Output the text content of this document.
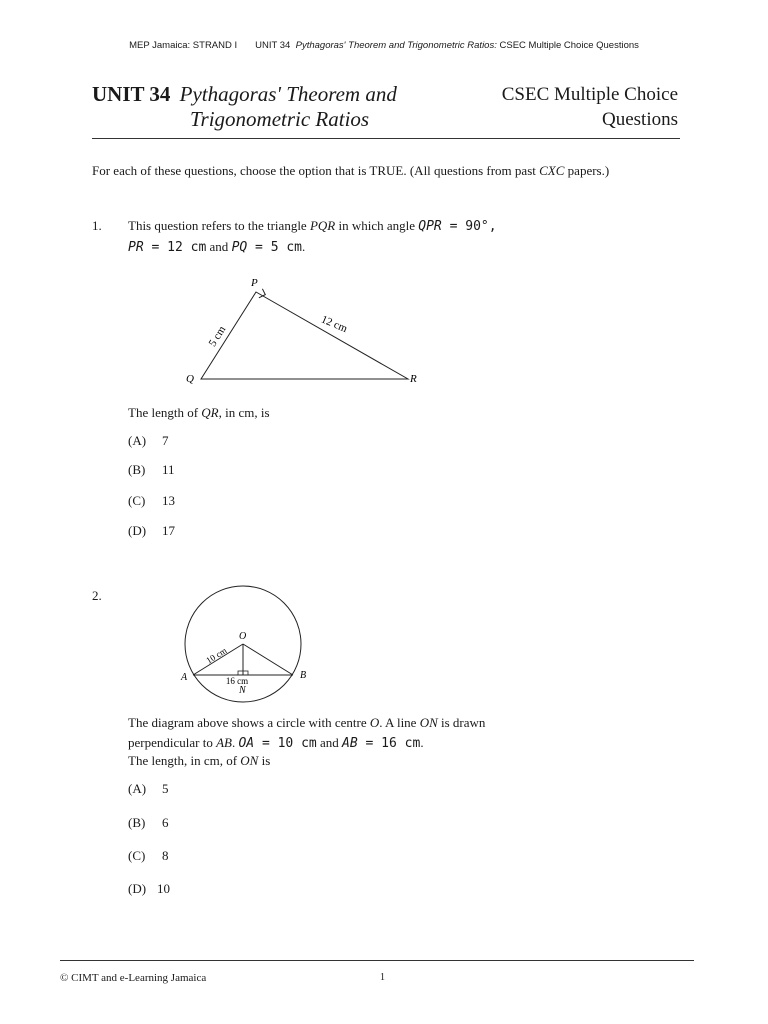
MEP Jamaica: STRAND I UNIT 34 Pythagoras' Theorem and Trigonometric Ratios: CSEC Multiple Choice Questions
UNIT 34 Pythagoras' Theorem and
Trigonometric Ratios
CSEC Multiple Choice
Questions
For each of these questions, choose the option that is TRUE. (All questions from past CXC papers.)
1. This question refers to the triangle PQR in which angle QPR = 90°,
PR = 12 cm and PQ = 5 cm.
P
Q	R
5 cm	12 cm
The length of QR, in cm, is
(A) 7
(B) 11
(C) 13
(D) 17
2.
O
A	B
N
10 cm
16 cm
The diagram above shows a circle with centre O. A line ON is drawn
perpendicular to AB. OA = 10 cm and AB = 16 cm.
The length, in cm, of ON is
(A) 5
(B) 6
(C) 8
(D) 10
© CIMT and e-Learning Jamaica	1
